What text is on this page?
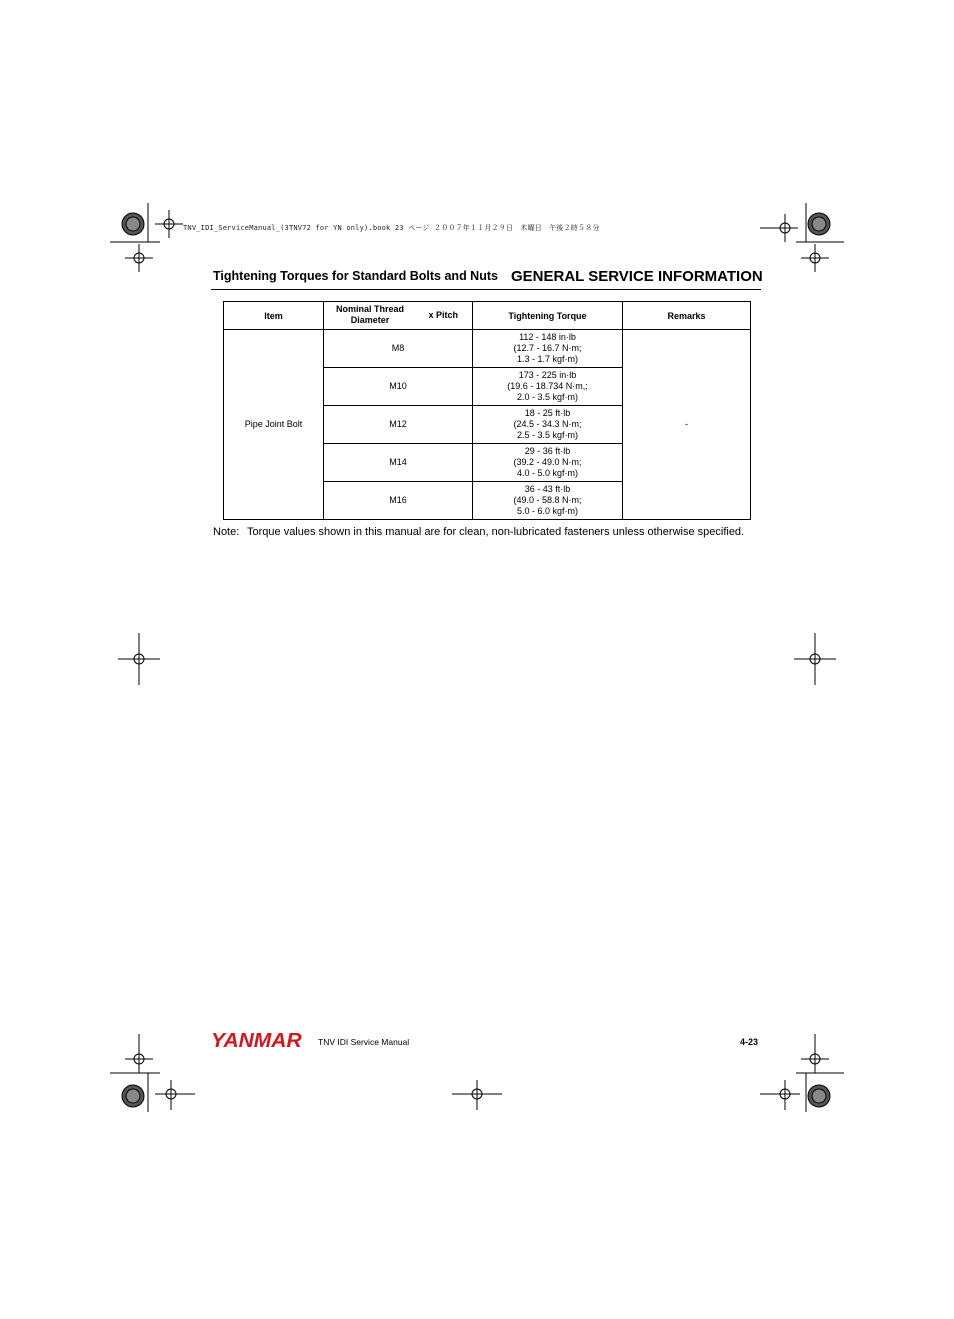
TNV_IDI_ServiceManual_(3TNV72 for YN only).book 23 ページ ２００７年１１月２９日　木曜日　午後２時５８分
Tightening Torques for Standard Bolts and Nuts GENERAL SERVICE INFORMATION
Item	Nominal Thread
Diameter x Pitch	Tightening Torque	Remarks
Pipe Joint Bolt	M8	112 - 148 in·lb
(12.7 - 16.7 N·m;
1.3 - 1.7 kgf·m)	-
	M10	173 - 225 in·lb
(19.6 - 18.734 N·m,;
2.0 - 3.5 kgf·m)	
	M12	18 - 25 ft·lb
(24.5 - 34.3 N·m;
2.5 - 3.5 kgf·m)	
	M14	29 - 36 ft·lb
(39.2 - 49.0 N·m;
4.0 - 5.0 kgf·m)	
	M16	36 - 43 ft·lb
(49.0 - 58.8 N·m;
5.0 - 6.0 kgf·m)	
Note: Torque values shown in this manual are for clean, non-lubricated fasteners unless otherwise specified.
YANMAR TNV IDI Service Manual	4-23
